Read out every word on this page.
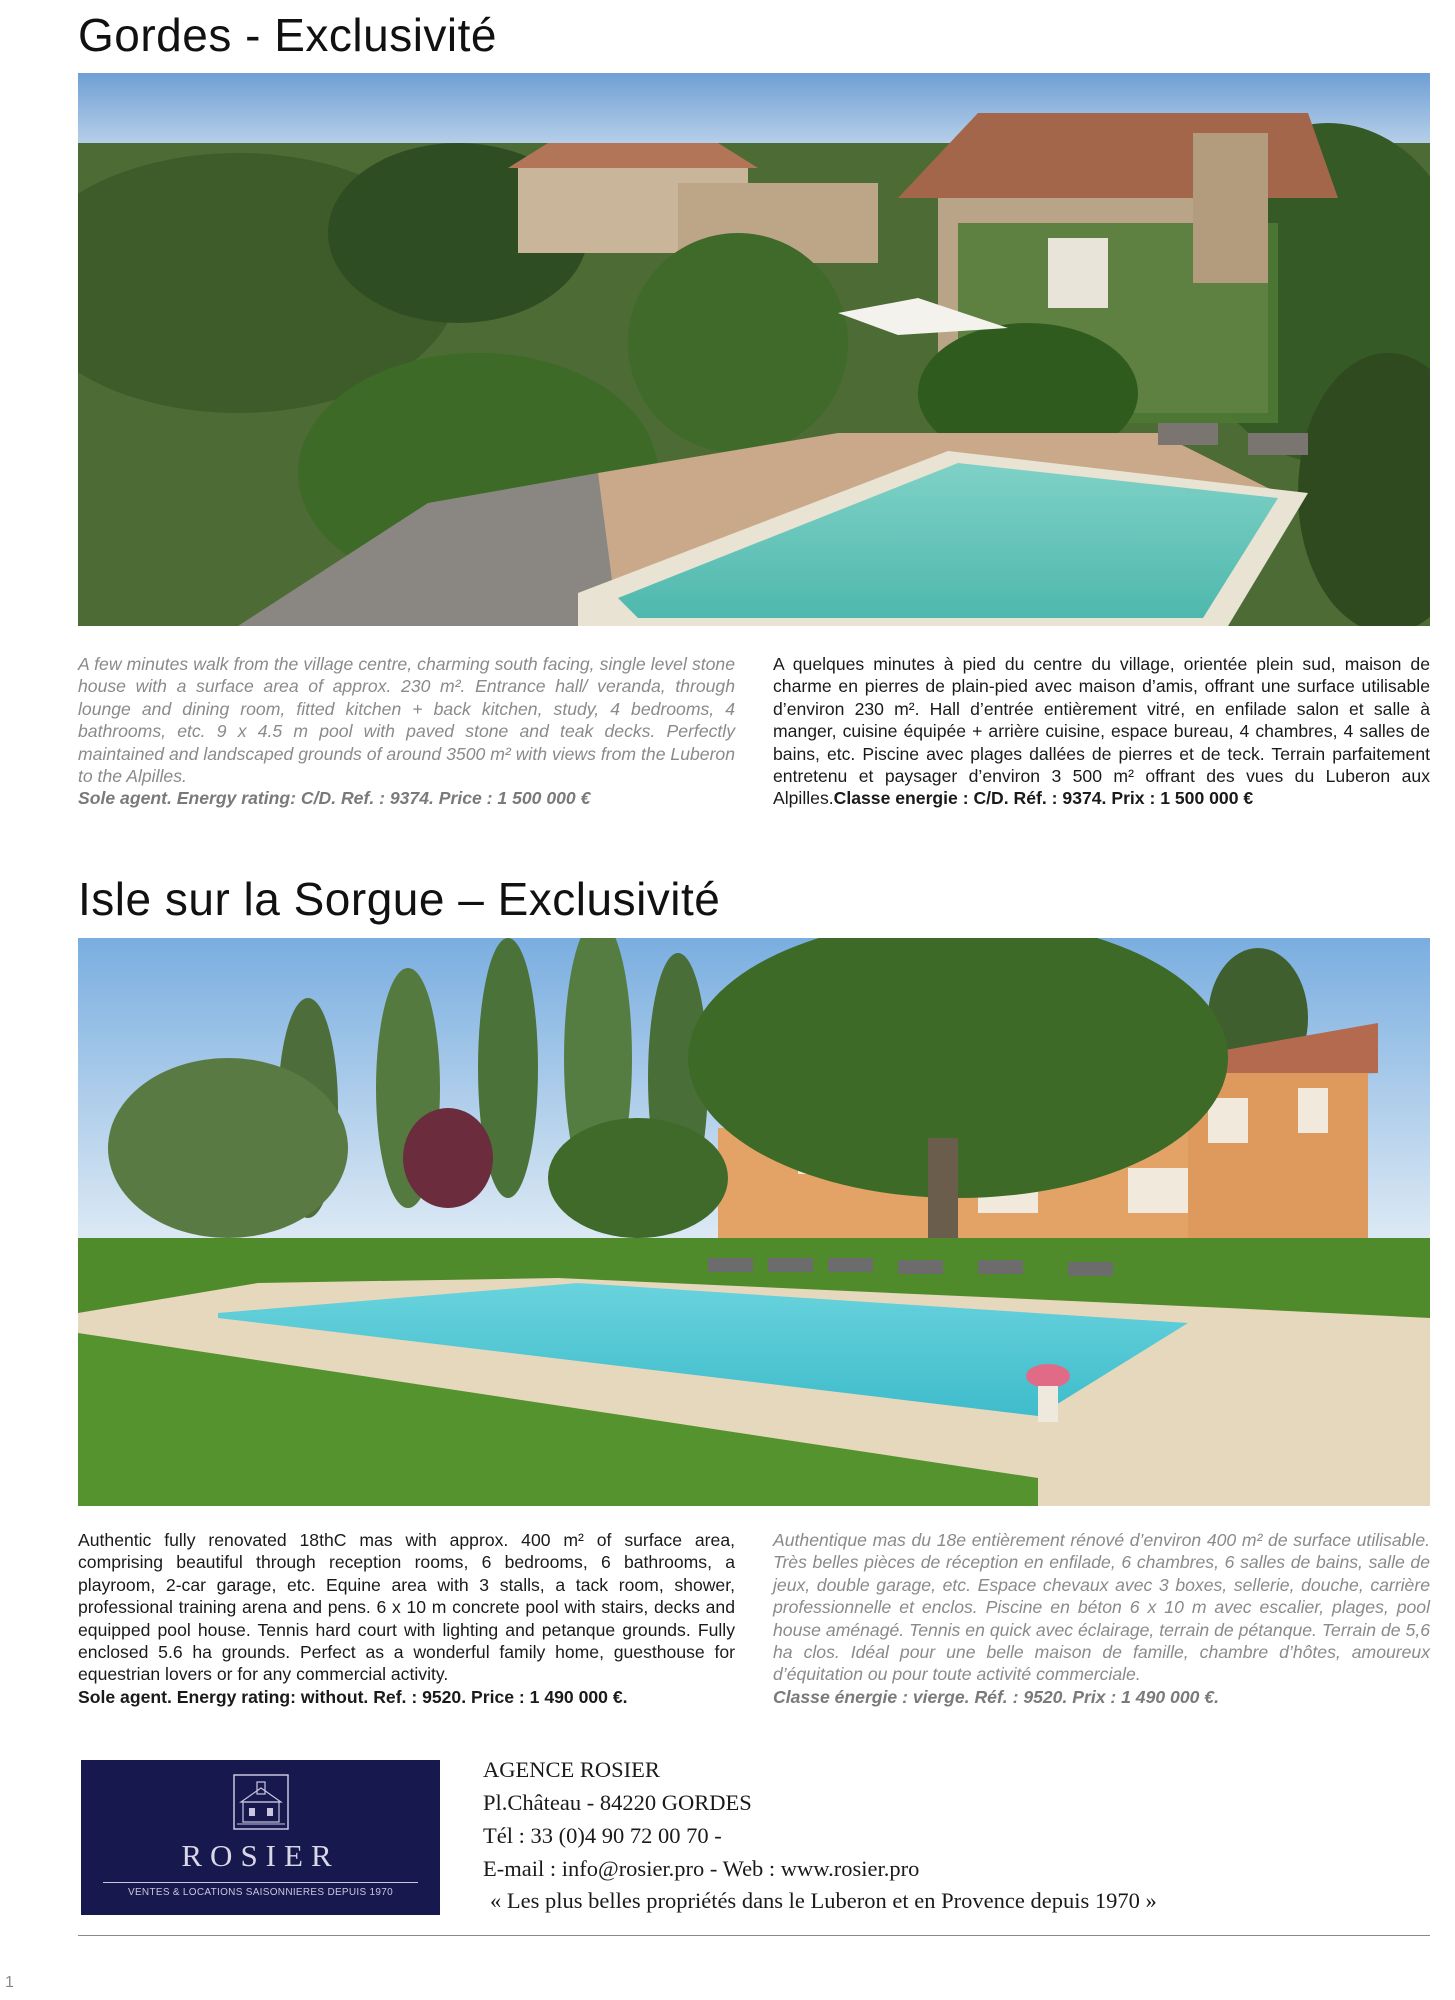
Gordes - Exclusivité
A few minutes walk from the village centre, charming south facing, single level stone house with a surface area of approx. 230 m². Entrance hall/ veranda, through lounge and dining room, fitted kitchen + back kitchen, study, 4 bedrooms, 4 bathrooms, etc. 9 x 4.5 m pool with paved stone and teak decks. Perfectly maintained and landscaped grounds of around 3500 m² with views from the Luberon to the Alpilles.
Sole agent. Energy rating: C/D. Ref. : 9374. Price : 1 500 000 €
A quelques minutes à pied du centre du village, orientée plein sud, maison de charme en pierres de plain-pied avec maison d’amis, offrant une surface utilisable d’environ 230 m². Hall d’entrée entièrement vitré, en enfilade salon et salle à manger, cuisine équipée + arrière cuisine, espace bureau, 4 chambres, 4 salles de bains, etc. Piscine avec plages dallées de pierres et de teck. Terrain parfaitement entretenu et paysager d’environ 3 500 m² offrant des vues du Luberon aux Alpilles.Classe energie : C/D. Réf. : 9374. Prix : 1 500 000 €
Isle sur la Sorgue – Exclusivité
Authentic fully renovated 18thC mas with approx. 400 m² of surface area, comprising beautiful through reception rooms, 6 bedrooms, 6 bathrooms, a playroom, 2-car garage, etc. Equine area with 3 stalls, a tack room, shower, professional training arena and pens. 6 x 10 m concrete pool with stairs, decks and equipped pool house. Tennis hard court with lighting and petanque grounds. Fully enclosed 5.6 ha grounds. Perfect as a wonderful family home, guesthouse for equestrian lovers or for any commercial activity.
Sole agent. Energy rating: without. Ref. : 9520. Price : 1 490 000 €.
Authentique mas du 18e entièrement rénové d’environ 400 m² de surface utilisable. Très belles pièces de réception en enfilade, 6 chambres, 6 salles de bains, salle de jeux, double garage, etc. Espace chevaux avec 3 boxes, sellerie, douche, carrière professionnelle et enclos. Piscine en béton 6 x 10 m avec escalier, plages, pool house aménagé. Tennis en quick avec éclairage, terrain de pétanque. Terrain de 5,6 ha clos. Idéal pour une belle maison de famille, chambre d’hôtes, amoureux d’équitation ou pour toute activité commerciale.
Classe énergie : vierge. Réf. : 9520. Prix : 1 490 000 €.
ROSIER
VENTES & LOCATIONS SAISONNIERES DEPUIS 1970
AGENCE ROSIER
Pl.Château - 84220 GORDES
Tél : 33 (0)4 90 72 00 70 -
E-mail : info@rosier.pro - Web : www.rosier.pro
« Les plus belles propriétés dans le Luberon et en Provence depuis 1970 »
1
